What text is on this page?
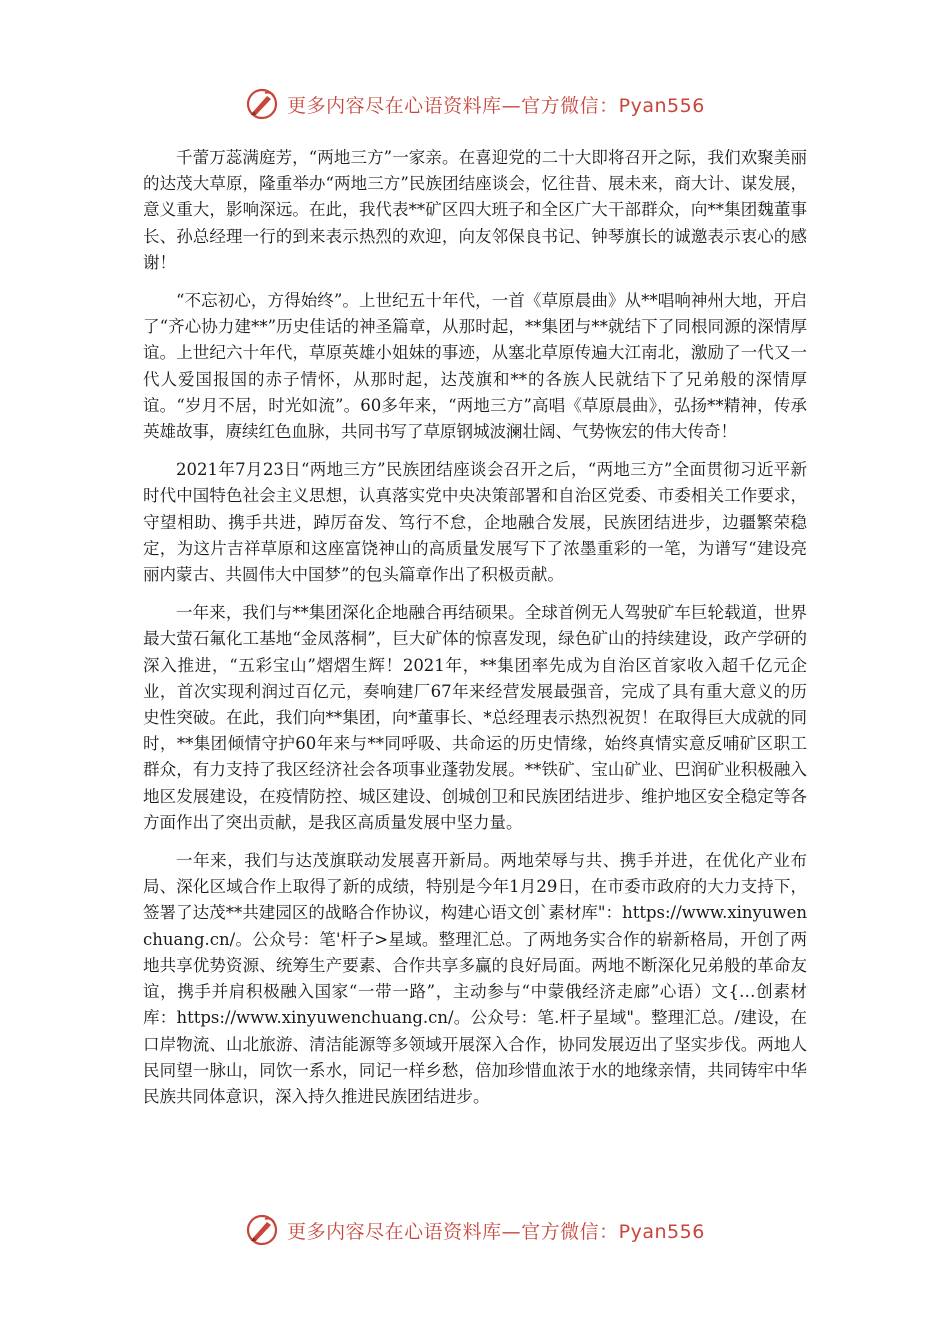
更多内容尽在心语资料库—官方微信：Pyan556

千蕾万蕊满庭芳，“两地三方”一家亲。在喜迎党的二十大即将召开之际，我们欢聚美丽的达茂大草原，隆重举办“两地三方”民族团结座谈会，忆往昔、展未来，商大计、谋发展，意义重大，影响深远。在此，我代表**矿区四大班子和全区广大干部群众，向**集团魏董事长、孙总经理一行的到来表示热烈的欢迎，向友邻保良书记、钟琴旗长的诚邀表示衷心的感谢！

“不忘初心，方得始终”。上世纪五十年代，一首《草原晨曲》从**唱响神州大地，开启了“齐心协力建**”历史佳话的神圣篇章，从那时起，**集团与**就结下了同根同源的深情厚谊。上世纪六十年代，草原英雄小姐妹的事迹，从塞北草原传遍大江南北，激励了一代又一代人爱国报国的赤子情怀，从那时起，达茂旗和**的各族人民就结下了兄弟般的深情厚谊。“岁月不居，时光如流”。60多年来，“两地三方”高唱《草原晨曲》，弘扬**精神，传承英雄故事，赓续红色血脉，共同书写了草原钢城波澜壮阔、气势恢宏的伟大传奇！

2021年7月23日“两地三方”民族团结座谈会召开之后，“两地三方”全面贯彻习近平新时代中国特色社会主义思想，认真落实党中央决策部署和自治区党委、市委相关工作要求，守望相助、携手共进，踔厉奋发、笃行不怠，企地融合发展，民族团结进步，边疆繁荣稳定，为这片吉祥草原和这座富饶神山的高质量发展写下了浓墨重彩的一笔，为谱写“建设亮丽内蒙古、共圆伟大中国梦”的包头篇章作出了积极贡献。

一年来，我们与**集团深化企地融合再结硕果。全球首例无人驾驶矿车巨轮载道，世界最大萤石氟化工基地“金凤落桐”，巨大矿体的惊喜发现，绿色矿山的持续建设，政产学研的深入推进，“五彩宝山”熠熠生辉！2021年，**集团率先成为自治区首家收入超千亿元企业，首次实现利润过百亿元，奏响建厂67年来经营发展最强音，完成了具有重大意义的历史性突破。在此，我们向**集团，向*董事长、*总经理表示热烈祝贺！在取得巨大成就的同时，**集团倾情守护60年来与**同呼吸、共命运的历史情缘，始终真情实意反哺矿区职工群众，有力支持了我区经济社会各项事业蓬勃发展。**铁矿、宝山矿业、巴润矿业积极融入地区发展建设，在疫情防控、城区建设、创城创卫和民族团结进步、维护地区安全稳定等各方面作出了突出贡献，是我区高质量发展中坚力量。

一年来，我们与达茂旗联动发展喜开新局。两地荣辱与共、携手并进，在优化产业布局、深化区域合作上取得了新的成绩，特别是今年1月29日，在市委市政府的大力支持下，签署了达茂**共建园区的战略合作协议，构建心语文创`素材库"：https://www.xinyuwenchuang.cn/。公众号：笔'杆子>星域。整理汇总。了两地务实合作的崭新格局，开创了两地共享优势资源、统筹生产要素、合作共享多赢的良好局面。两地不断深化兄弟般的革命友谊，携手并肩积极融入国家“一带一路”，主动参与“中蒙俄经济走廊”心语）文{…创素材库：https://www.xinyuwenchuang.cn/。公众号：笔.杆子星域"。整理汇总。/建设，在口岸物流、山北旅游、清洁能源等多领域开展深入合作，协同发展迈出了坚实步伐。两地人民同望一脉山，同饮一系水，同记一样乡愁，倍加珍惜血浓于水的地缘亲情，共同铸牢中华民族共同体意识，深入持久推进民族团结进步。

更多内容尽在心语资料库—官方微信：Pyan556
